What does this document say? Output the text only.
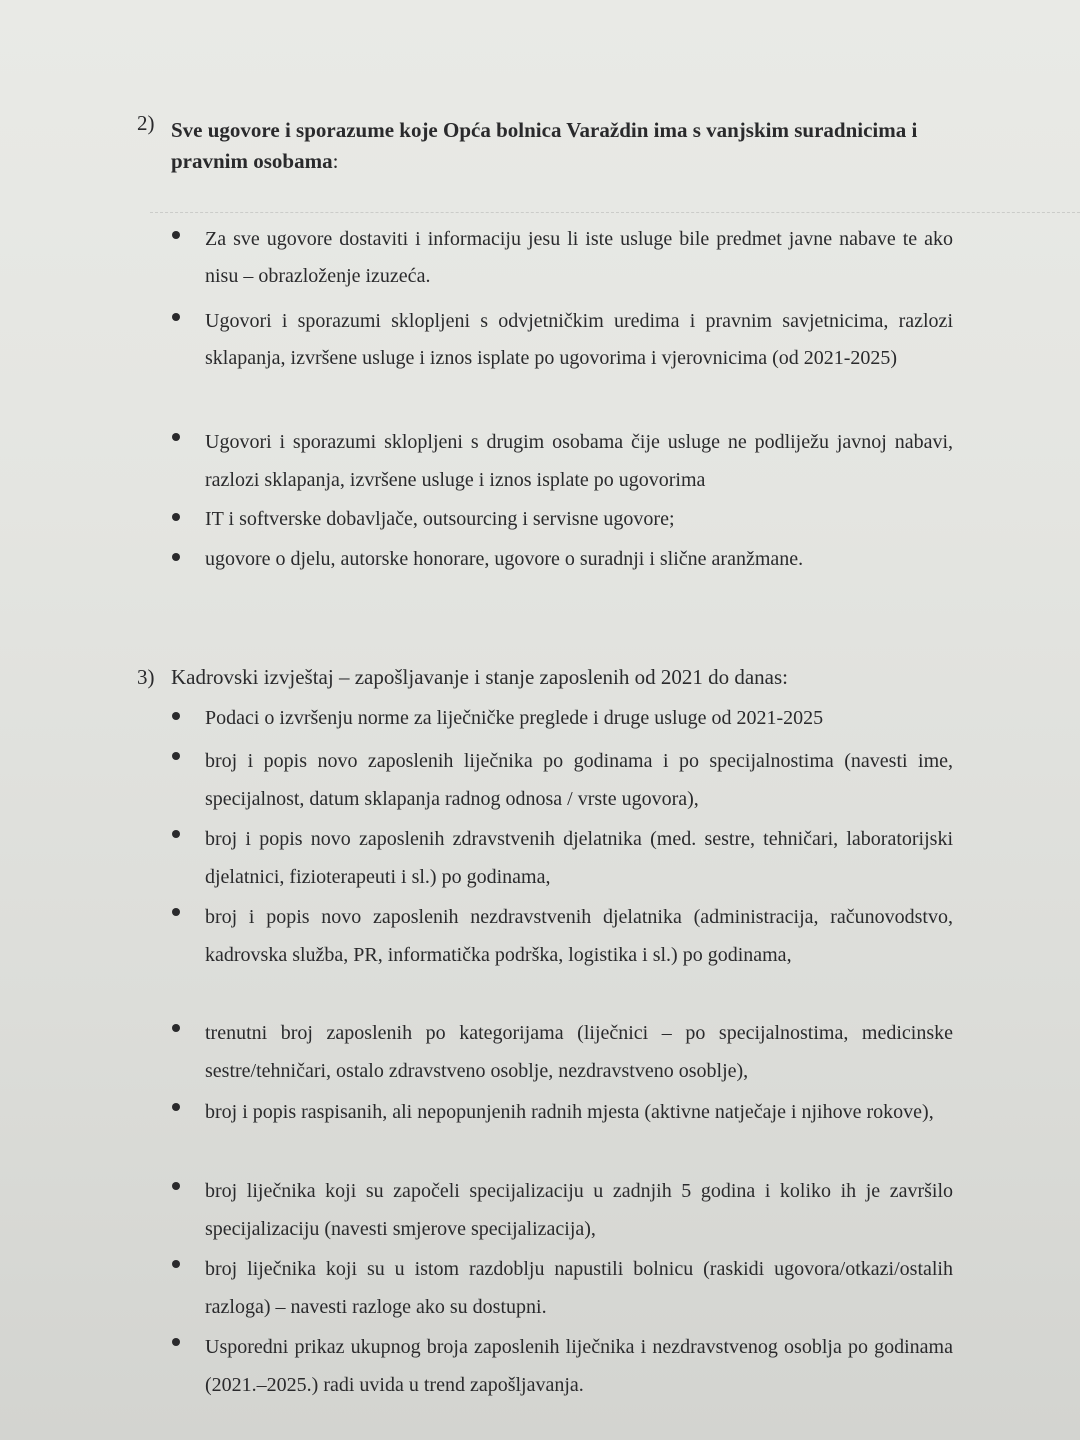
2) Sve ugovore i sporazume koje Opća bolnica Varaždin ima s vanjskim suradnicima i pravnim osobama:
Za sve ugovore dostaviti i informaciju jesu li iste usluge bile predmet javne nabave te ako nisu – obrazloženje izuzeća.
Ugovori i sporazumi sklopljeni s odvjetničkim uredima i pravnim savjetnicima, razlozi sklapanja, izvršene usluge i iznos isplate po ugovorima i vjerovnicima (od 2021-2025)
Ugovori i sporazumi sklopljeni s drugim osobama čije usluge ne podliježu javnoj nabavi, razlozi sklapanja, izvršene usluge i iznos isplate po ugovorima
IT i softverske dobavljače, outsourcing i servisne ugovore;
ugovore o djelu, autorske honorare, ugovore o suradnji i slične aranžmane.
3) Kadrovski izvještaj – zapošljavanje i stanje zaposlenih od 2021 do danas:
Podaci o izvršenju norme za liječničke preglede i druge usluge od 2021-2025
broj i popis novo zaposlenih liječnika po godinama i po specijalnostima (navesti ime, specijalnost, datum sklapanja radnog odnosa / vrste ugovora),
broj i popis novo zaposlenih zdravstvenih djelatnika (med. sestre, tehničari, laboratorijski djelatnici, fizioterapeuti i sl.) po godinama,
broj i popis novo zaposlenih nezdravstvenih djelatnika (administracija, računovodstvo, kadrovska služba, PR, informatička podrška, logistika i sl.) po godinama,
trenutni broj zaposlenih po kategorijama (liječnici – po specijalnostima, medicinske sestre/tehničari, ostalo zdravstveno osoblje, nezdravstveno osoblje),
broj i popis raspisanih, ali nepopunjenih radnih mjesta (aktivne natječaje i njihove rokove),
broj liječnika koji su započeli specijalizaciju u zadnjih 5 godina i koliko ih je završilo specijalizaciju (navesti smjerove specijalizacija),
broj liječnika koji su u istom razdoblju napustili bolnicu (raskidi ugovora/otkazi/ostalih razloga) – navesti razloge ako su dostupni.
Usporedni prikaz ukupnog broja zaposlenih liječnika i nezdravstvenog osoblja po godinama (2021.–2025.) radi uvida u trend zapošljavanja.
